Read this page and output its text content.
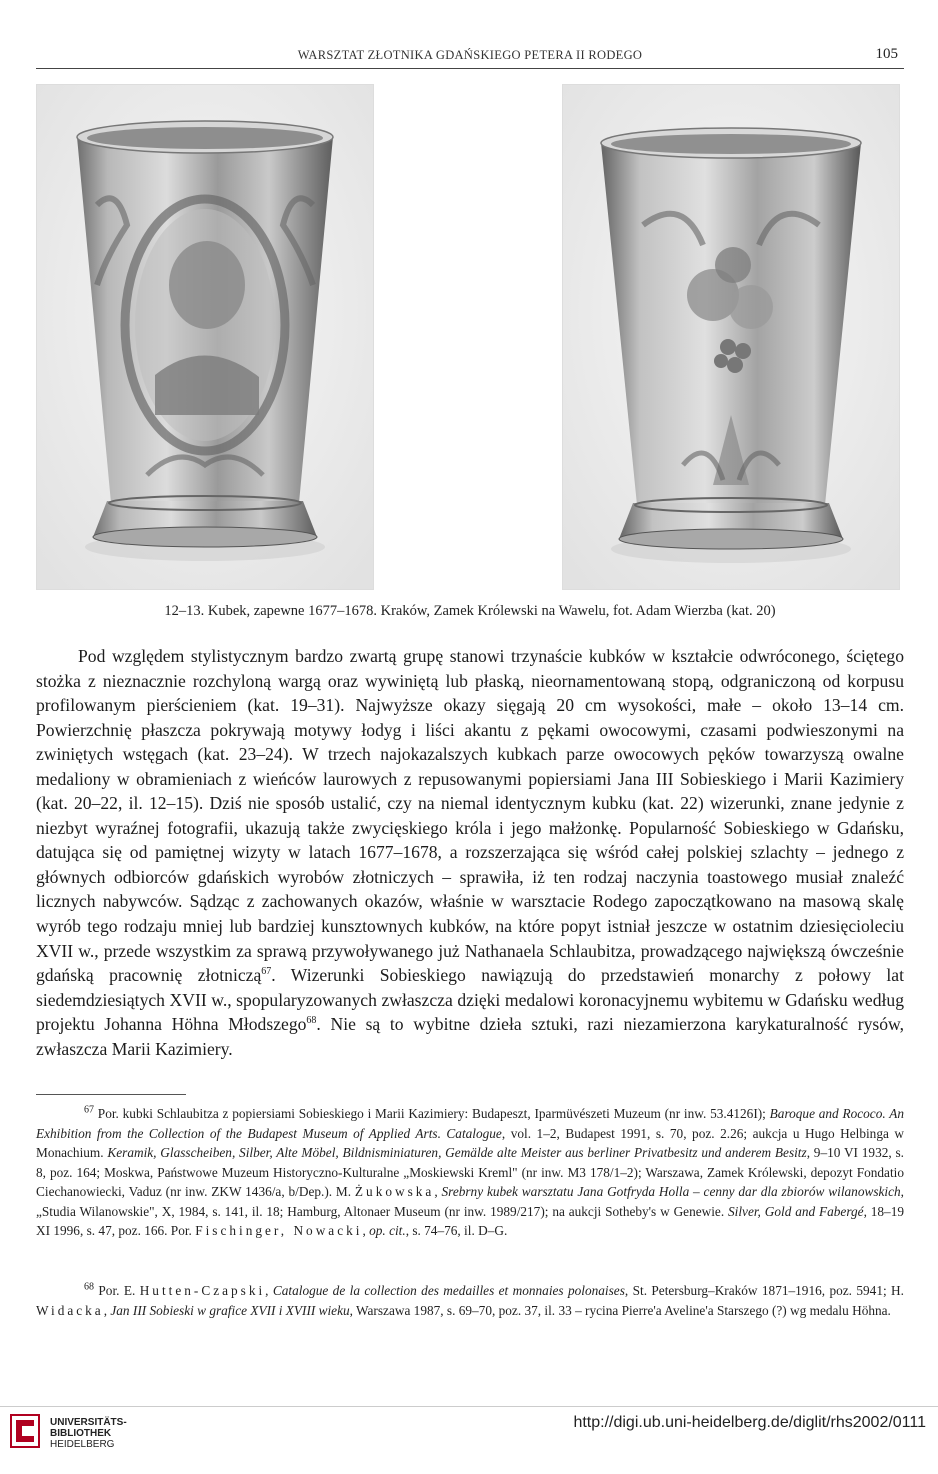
WARSZTAT ZŁOTNIKA GDAŃSKIEGO PETERA II RODEGO	105
12–13. Kubek, zapewne 1677–1678. Kraków, Zamek Królewski na Wawelu, fot. Adam Wierzba (kat. 20)

Pod względem stylistycznym bardzo zwartą grupę stanowi trzynaście kubków w kształcie odwróconego, ściętego stożka z nieznacznie rozchyloną wargą oraz wywiniętą lub płaską, nieornamentowaną stopą, odgraniczoną od korpusu profilowanym pierścieniem (kat. 19–31). Najwyższe okazy sięgają 20 cm wysokości, małe – około 13–14 cm. Powierzchnię płaszcza pokrywają motywy łodyg i liści akantu z pękami owocowymi, czasami podwieszonymi na zwiniętych wstęgach (kat. 23–24). W trzech najokazalszych kubkach parze owocowych pęków towarzyszą owalne medaliony w obramieniach z wieńców laurowych z repusowanymi popiersiami Jana III Sobieskiego i Marii Kazimiery (kat. 20–22, il. 12–15). Dziś nie sposób ustalić, czy na niemal identycznym kubku (kat. 22) wizerunki, znane jedynie z niezbyt wyraźnej fotografii, ukazują także zwycięskiego króla i jego małżonkę. Popularność Sobieskiego w Gdańsku, datująca się od pamiętnej wizyty w latach 1677–1678, a rozszerzająca się wśród całej polskiej szlachty – jednego z głównych odbiorców gdańskich wyrobów złotniczych – sprawiła, iż ten rodzaj naczynia toastowego musiał znaleźć licznych nabywców. Sądząc z zachowanych okazów, właśnie w warsztacie Rodego zapoczątkowano na masową skalę wyrób tego rodzaju mniej lub bardziej kunsztownych kubków, na które popyt istniał jeszcze w ostatnim dziesięcioleciu XVII w., przede wszystkim za sprawą przywoływanego już Nathanaela Schlaubitza, prowadzącego największą ówcześnie gdańską pracownię złotniczą$^{67}$. Wizerunki Sobieskiego nawiązują do przedstawień monarchy z połowy lat siedemdziesiątych XVII w., spopularyzowanych zwłaszcza dzięki medalowi koronacyjnemu wybitemu w Gdańsku według projektu Johanna Höhna Młodszego$^{68}$. Nie są to wybitne dzieła sztuki, razi niezamierzona karykaturalność rysów, zwłaszcza Marii Kazimiery.

$^{67}$ Por. kubki Schlaubitza z popiersiami Sobieskiego i Marii Kazimiery: Budapeszt, Iparmüvészeti Muzeum (nr inw. 53.4126I); Baroque and Rococo. An Exhibition from the Collection of the Budapest Museum of Applied Arts. Catalogue, vol. 1–2, Budapest 1991, s. 70, poz. 2.26; aukcja u Hugo Helbinga w Monachium. Keramik, Glasscheiben, Silber, Alte Möbel, Bildnisminiaturen, Gemälde alte Meister aus berliner Privatbesitz und anderem Besitz, 9–10 VI 1932, s. 8, poz. 164; Moskwa, Państwowe Muzeum Historyczno-Kulturalne „Moskiewski Kreml" (nr inw. M3 178/1–2); Warszawa, Zamek Królewski, depozyt Fondatio Ciechanowiecki, Vaduz (nr inw. ZKW 1436/a, b/Dep.). M. Żukowska, Srebrny kubek warsztatu Jana Gotfryda Holla – cenny dar dla zbiorów wilanowskich, „Studia Wilanowskie", X, 1984, s. 141, il. 18; Hamburg, Altonaer Museum (nr inw. 1989/217); na aukcji Sotheby's w Genewie. Silver, Gold and Fabergé, 18–19 XI 1996, s. 47, poz. 166. Por. Fischinger, Nowacki, op. cit., s. 74–76, il. D–G.

$^{68}$ Por. E. Hutten-Czapski, Catalogue de la collection des medailles et monnaies polonaises, St. Petersburg–Kraków 1871–1916, poz. 5941; H. Widacka, Jan III Sobieski w grafice XVII i XVIII wieku, Warszawa 1987, s. 69–70, poz. 37, il. 33 – rycina Pierre'a Aveline'a Starszego (?) wg medalu Höhna.

UNIVERSITÄTS-
BIBLIOTHEK
HEIDELBERG
http://digi.ub.uni-heidelberg.de/diglit/rhs2002/0111
